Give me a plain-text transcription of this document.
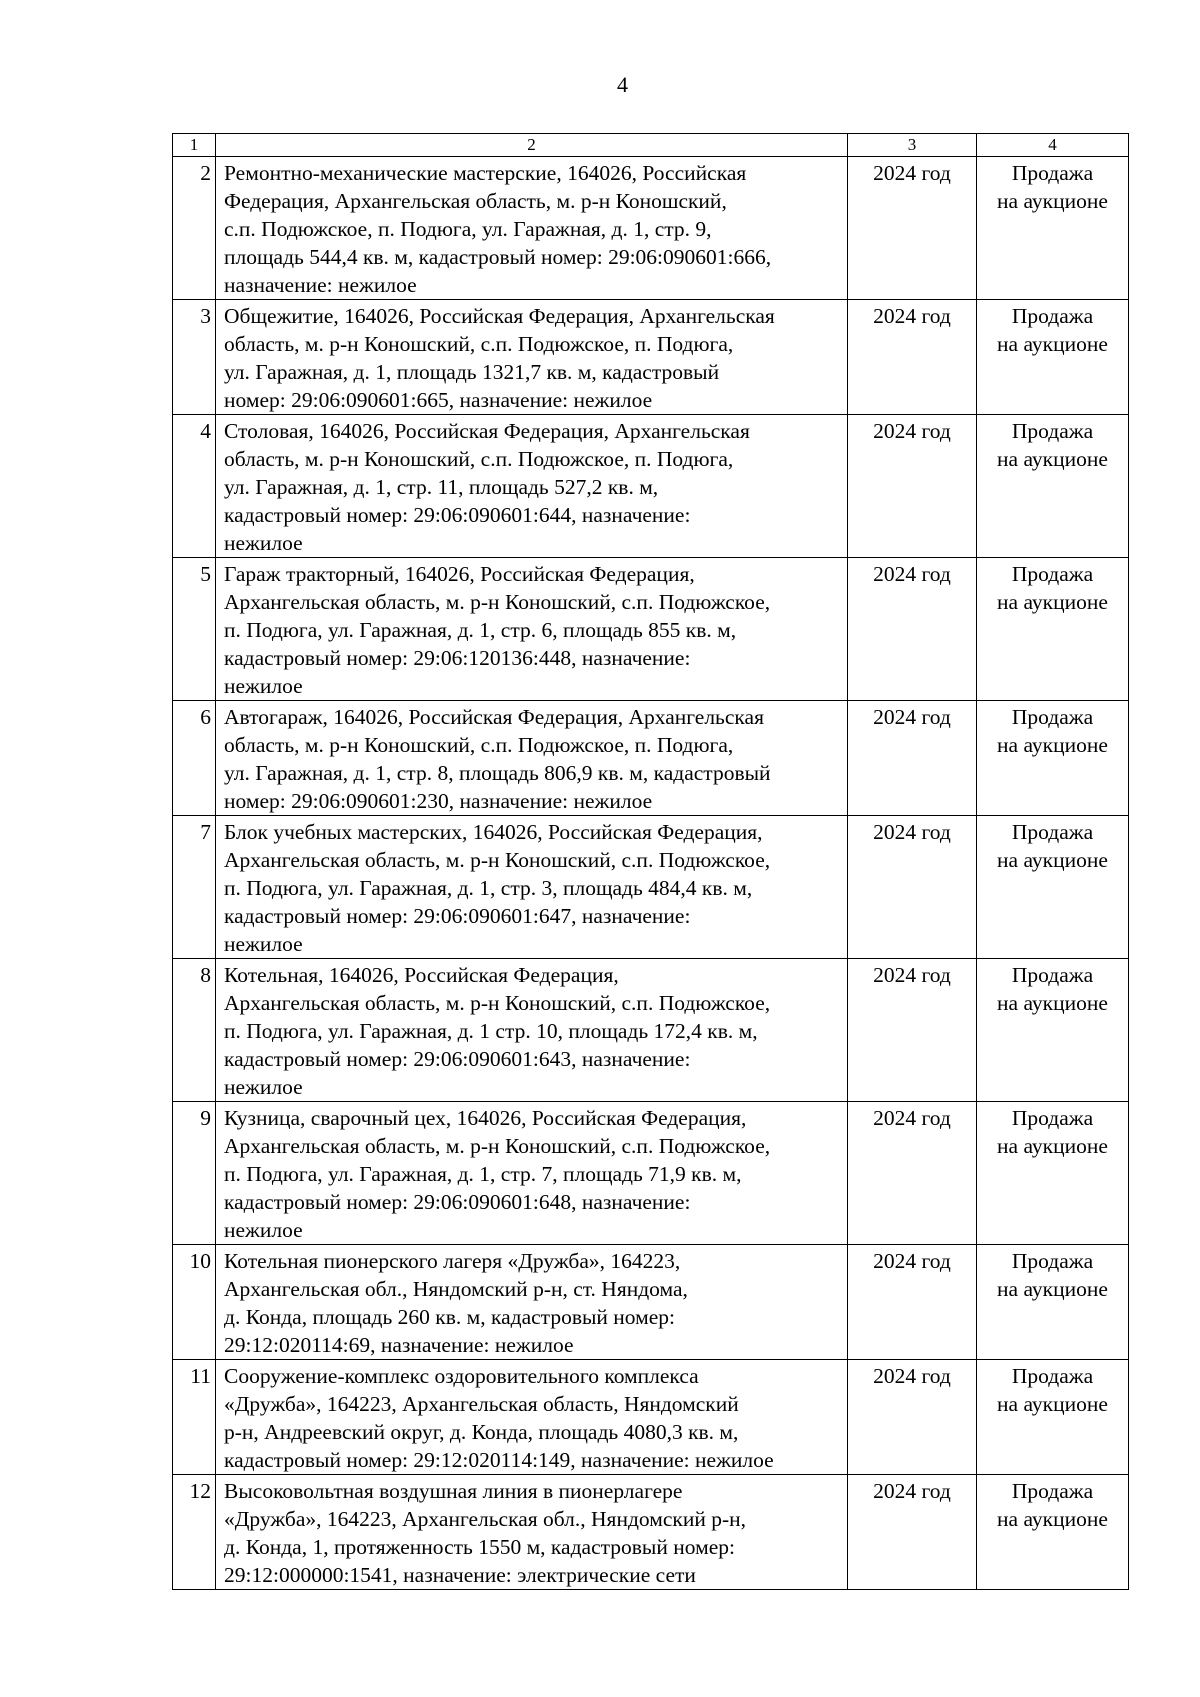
4
1	2	3	4
2	Ремонтно-механические мастерские, 164026, Российская
Федерация, Архангельская область, м. р-н Коношский,
с.п. Подюжское, п. Подюга, ул. Гаражная, д. 1, стр. 9,
площадь 544,4 кв. м, кадастровый номер: 29:06:090601:666,
назначение: нежилое	2024 год	Продажа
на аукционе
3	Общежитие, 164026, Российская Федерация, Архангельская
область, м. р-н Коношский, с.п. Подюжское, п. Подюга,
ул. Гаражная, д. 1, площадь 1321,7 кв. м, кадастровый
номер: 29:06:090601:665, назначение: нежилое	2024 год	Продажа
на аукционе
4	Столовая, 164026, Российская Федерация, Архангельская
область, м. р-н Коношский, с.п. Подюжское, п. Подюга,
ул. Гаражная, д. 1, стр. 11, площадь 527,2 кв. м,
кадастровый номер: 29:06:090601:644, назначение:
нежилое	2024 год	Продажа
на аукционе
5	Гараж тракторный, 164026, Российская Федерация,
Архангельская область, м. р-н Коношский, с.п. Подюжское,
п. Подюга, ул. Гаражная, д. 1, стр. 6, площадь 855 кв. м,
кадастровый номер: 29:06:120136:448, назначение:
нежилое	2024 год	Продажа
на аукционе
6	Автогараж, 164026, Российская Федерация, Архангельская
область, м. р-н Коношский, с.п. Подюжское, п. Подюга,
ул. Гаражная, д. 1, стр. 8, площадь 806,9 кв. м, кадастровый
номер: 29:06:090601:230, назначение: нежилое	2024 год	Продажа
на аукционе
7	Блок учебных мастерских, 164026, Российская Федерация,
Архангельская область, м. р-н Коношский, с.п. Подюжское,
п. Подюга, ул. Гаражная, д. 1, стр. 3, площадь 484,4 кв. м,
кадастровый номер: 29:06:090601:647, назначение:
нежилое	2024 год	Продажа
на аукционе
8	Котельная, 164026, Российская Федерация,
Архангельская область, м. р-н Коношский, с.п. Подюжское,
п. Подюга, ул. Гаражная, д. 1 стр. 10, площадь 172,4 кв. м,
кадастровый номер: 29:06:090601:643, назначение:
нежилое	2024 год	Продажа
на аукционе
9	Кузница, сварочный цех, 164026, Российская Федерация,
Архангельская область, м. р-н Коношский, с.п. Подюжское,
п. Подюга, ул. Гаражная, д. 1, стр. 7, площадь 71,9 кв. м,
кадастровый номер: 29:06:090601:648, назначение:
нежилое	2024 год	Продажа
на аукционе
10	Котельная пионерского лагеря «Дружба», 164223,
Архангельская обл., Няндомский р-н, ст. Няндома,
д. Конда, площадь 260 кв. м, кадастровый номер:
29:12:020114:69, назначение: нежилое	2024 год	Продажа
на аукционе
11	Сооружение-комплекс оздоровительного комплекса
«Дружба», 164223, Архангельская область, Няндомский
р-н, Андреевский округ, д. Конда, площадь 4080,3 кв. м,
кадастровый номер: 29:12:020114:149, назначение: нежилое	2024 год	Продажа
на аукционе
12	Высоковольтная воздушная линия в пионерлагере
«Дружба», 164223, Архангельская обл., Няндомский р-н,
д. Конда, 1, протяженность 1550 м, кадастровый номер:
29:12:000000:1541, назначение: электрические сети	2024 год	Продажа
на аукционе
